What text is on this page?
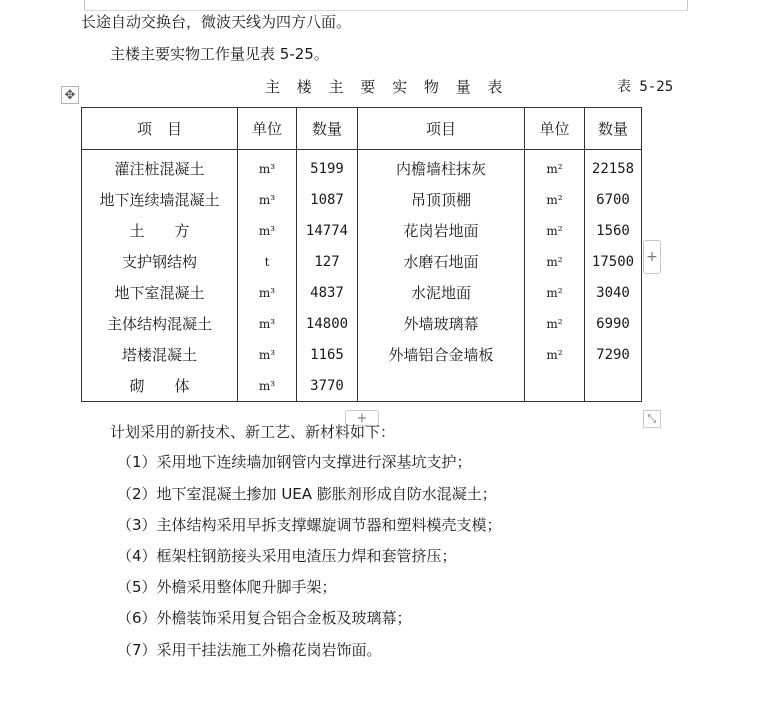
长途自动交换台，微波天线为四方八面。
主楼主要实物工作量见表 5-25。
主 楼 主 要 实 物 量 表	表 5-25
✥
项　目	单位	数量	项目	单位	数量
灌注桩混凝土	m³	5199	内檐墙柱抹灰	m²	22158
地下连续墙混凝土	m³	1087	吊顶顶棚	m²	6700
土　　方	m³	14774	花岗岩地面	m²	1560
支护钢结构	t	127	水磨石地面	m²	17500
地下室混凝土	m³	4837	水泥地面	m²	3040
主体结构混凝土	m³	14800	外墙玻璃幕	m²	6990
塔楼混凝土	m³	1165	外墙铝合金墙板	m²	7290
砌　　体	m³	3770			
+
+	⤡
计划采用的新技术、新工艺、新材料如下：
（1）采用地下连续墙加钢管内支撑进行深基坑支护；
（2）地下室混凝土掺加 UEA 膨胀剂形成自防水混凝土；
（3）主体结构采用早拆支撑螺旋调节器和塑料模壳支模；
（4）框架柱钢筋接头采用电渣压力焊和套管挤压；
（5）外檐采用整体爬升脚手架；
（6）外檐装饰采用复合铝合金板及玻璃幕；
（7）采用干挂法施工外檐花岗岩饰面。
